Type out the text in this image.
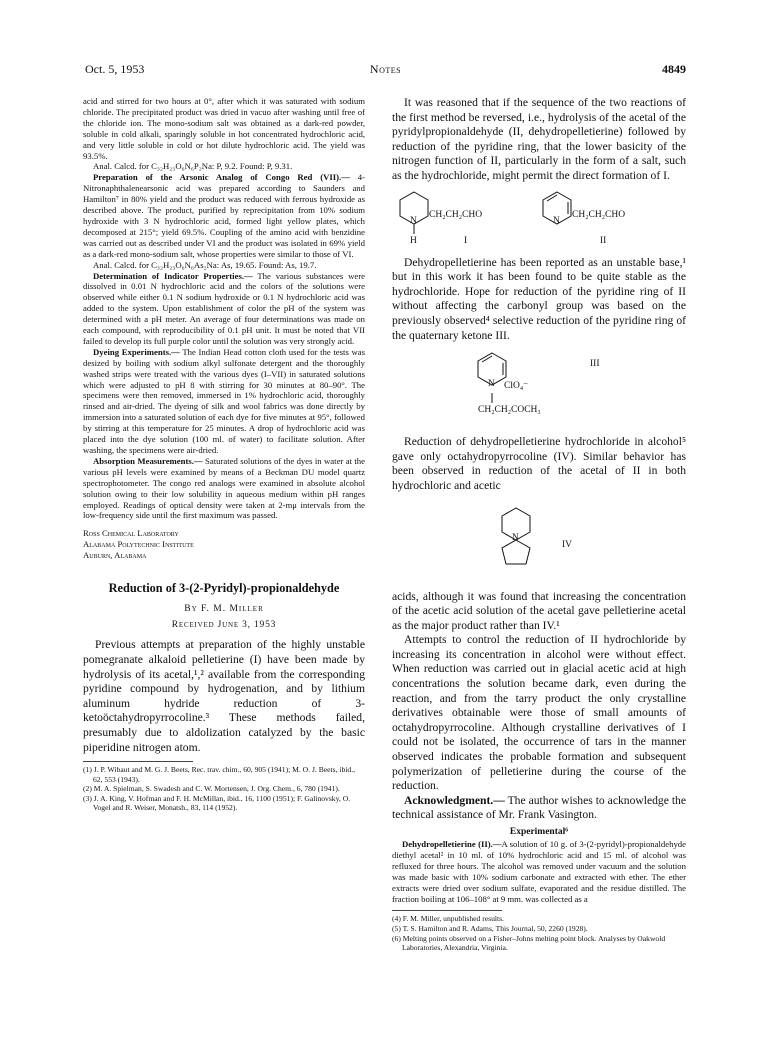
Oct. 5, 1953	Notes	4849

acid and stirred for two hours at 0°, after which it was saturated with sodium chloride. The precipitated product was dried in vacuo after washing until free of the chloride ion. The mono-sodium salt was obtained as a dark-red powder, soluble in cold alkali, sparingly soluble in hot concentrated hydrochloric acid, and very little soluble in cold or hot dilute hydrochloric acid. The yield was 93.5%.

Anal. Calcd. for C₃₂H₂₃O₆N₆P₂Na: P, 9.2. Found: P, 9.31.

Preparation of the Arsonic Analog of Congo Red (VII).— 4-Nitronaphthalenearsonic acid was prepared according to Saunders and Hamilton⁷ in 80% yield and the product was reduced with ferrous hydroxide as described above. The product, purified by reprecipitation from 10% sodium hydroxide with 3 N hydrochloric acid, formed light yellow plates, which decomposed at 215°; yield 69.5%. Coupling of the amino acid with benzidine was carried out as described under VI and the product was isolated in 69% yield as a dark-red mono-sodium salt, whose properties were similar to those of VI.

Anal. Calcd. for C₃₂H₂₃O₆N₆As₂Na: As, 19.65. Found: As, 19.7.

Determination of Indicator Properties.— The various substances were dissolved in 0.01 N hydrochloric acid and the colors of the solutions were observed while either 0.1 N sodium hydroxide or 0.1 N hydrochloric acid was added to the system. Upon establishment of color the pH of the system was determined with a pH meter. An average of four determinations was made on each compound, with reproducibility of 0.1 pH unit. It must be noted that VII failed to develop its full purple color until the solution was very strongly acid.

Dyeing Experiments.— The Indian Head cotton cloth used for the tests was desized by boiling with sodium alkyl sulfonate detergent and the thoroughly washed strips were treated with the various dyes (I–VII) in saturated solutions which were adjusted to pH 8 with stirring for 30 minutes at 80–90°. The specimens were then removed, immersed in 1% hydrochloric acid, thoroughly rinsed and air-dried. The dyeing of silk and wool fabrics was done directly by immersion into a saturated solution of each dye for five minutes at 95°, followed by stirring at this temperature for 25 minutes. A drop of hydrochloric acid was placed into the dye solution (100 ml. of water) to facilitate solution. After washing, the specimens were air-dried.

Absorption Measurements.— Saturated solutions of the dyes in water at the various pH levels were examined by means of a Beckman DU model quartz spectrophotometer. The congo red analogs were examined in absolute alcohol solution owing to their low solubility in aqueous medium within pH ranges employed. Readings of optical density were taken at 2-mμ intervals from the low-frequency side until the first maximum was passed.

Ross Chemical Laboratory
Alabama Polytechnic Institute
Auburn, Alabama
Reduction of 3-(2-Pyridyl)-propionaldehyde
By F. M. Miller
Received June 3, 1953

Previous attempts at preparation of the highly unstable pomegranate alkaloid pelletierine (I) have been made by hydrolysis of its acetal,¹,² available from the corresponding pyridine compound by hydrogenation, and by lithium aluminum hydride reduction of 3-ketoöctahydropyrrocoline.³ These methods failed, presumably due to aldolization catalyzed by the basic piperidine nitrogen atom.

(1) J. P. Wibaut and M. G. J. Beets, Rec. trav. chim., 60, 905 (1941); M. O. J. Beets, ibid., 62, 553 (1943).

(2) M. A. Spielman, S. Swadesh and C. W. Mortensen, J. Org. Chem., 6, 780 (1941).

(3) J. A. King, V. Hofman and F. H. McMillan, ibid., 16, 1100 (1951); F. Galinovsky, O. Vogel and R. Weiser, Monatsh., 83, 114 (1952).

It was reasoned that if the sequence of the two reactions of the first method be reversed, i.e., hydrolysis of the acetal of the pyridylpropionaldehyde (II, dehydropelletierine) followed by reduction of the pyridine ring, that the lower basicity of the nitrogen function of II, particularly in the form of a salt, such as the hydrochloride, might permit the direct formation of I.

N
CH₂CH₂CHO
H	I
N
CH₂CH₂CHO
II

Dehydropelletierine has been reported as an unstable base,¹ but in this work it has been found to be quite stable as the hydrochloride. Hope for reduction of the pyridine ring of II without affecting the carbonyl group was based on the previously observed⁴ selective reduction of the pyridine ring of the quaternary ketone III.

N ClO₄⁻
CH₂CH₂COCH₃
III

Reduction of dehydropelletierine hydrochloride in alcohol⁵ gave only octahydropyrrocoline (IV). Similar behavior has been observed in reduction of the acetal of II in both hydrochloric and acetic

N
IV

acids, although it was found that increasing the concentration of the acetic acid solution of the acetal gave pelletierine acetal as the major product rather than IV.¹

Attempts to control the reduction of II hydrochloride by increasing its concentration in alcohol were without effect. When reduction was carried out in glacial acetic acid at high concentrations the solution became dark, even during the reaction, and from the tarry product the only crystalline derivatives obtainable were those of small amounts of octahydropyrrocoline. Although crystalline derivatives of I could not be isolated, the occurrence of tars in the manner observed indicates the probable formation and subsequent polymerization of pelletierine during the course of the reduction.

Acknowledgment.— The author wishes to acknowledge the technical assistance of Mr. Frank Vasington.

Experimental⁶

Dehydropelletierine (II).—A solution of 10 g. of 3-(2-pyridyl)-propionaldehyde diethyl acetal² in 10 ml. of 10% hydrochloric acid and 15 ml. of alcohol was refluxed for three hours. The alcohol was removed under vacuum and the solution was made basic with 10% sodium carbonate and extracted with ether. The ether extracts were dried over sodium sulfate, evaporated and the residue distilled. The fraction boiling at 106–108° at 9 mm. was collected as a

(4) F. M. Miller, unpublished results.

(5) T. S. Hamilton and R. Adams, This Journal, 50, 2260 (1928).

(6) Melting points observed on a Fisher–Johns melting point block. Analyses by Oakwold Laboratories, Alexandria, Virginia.
